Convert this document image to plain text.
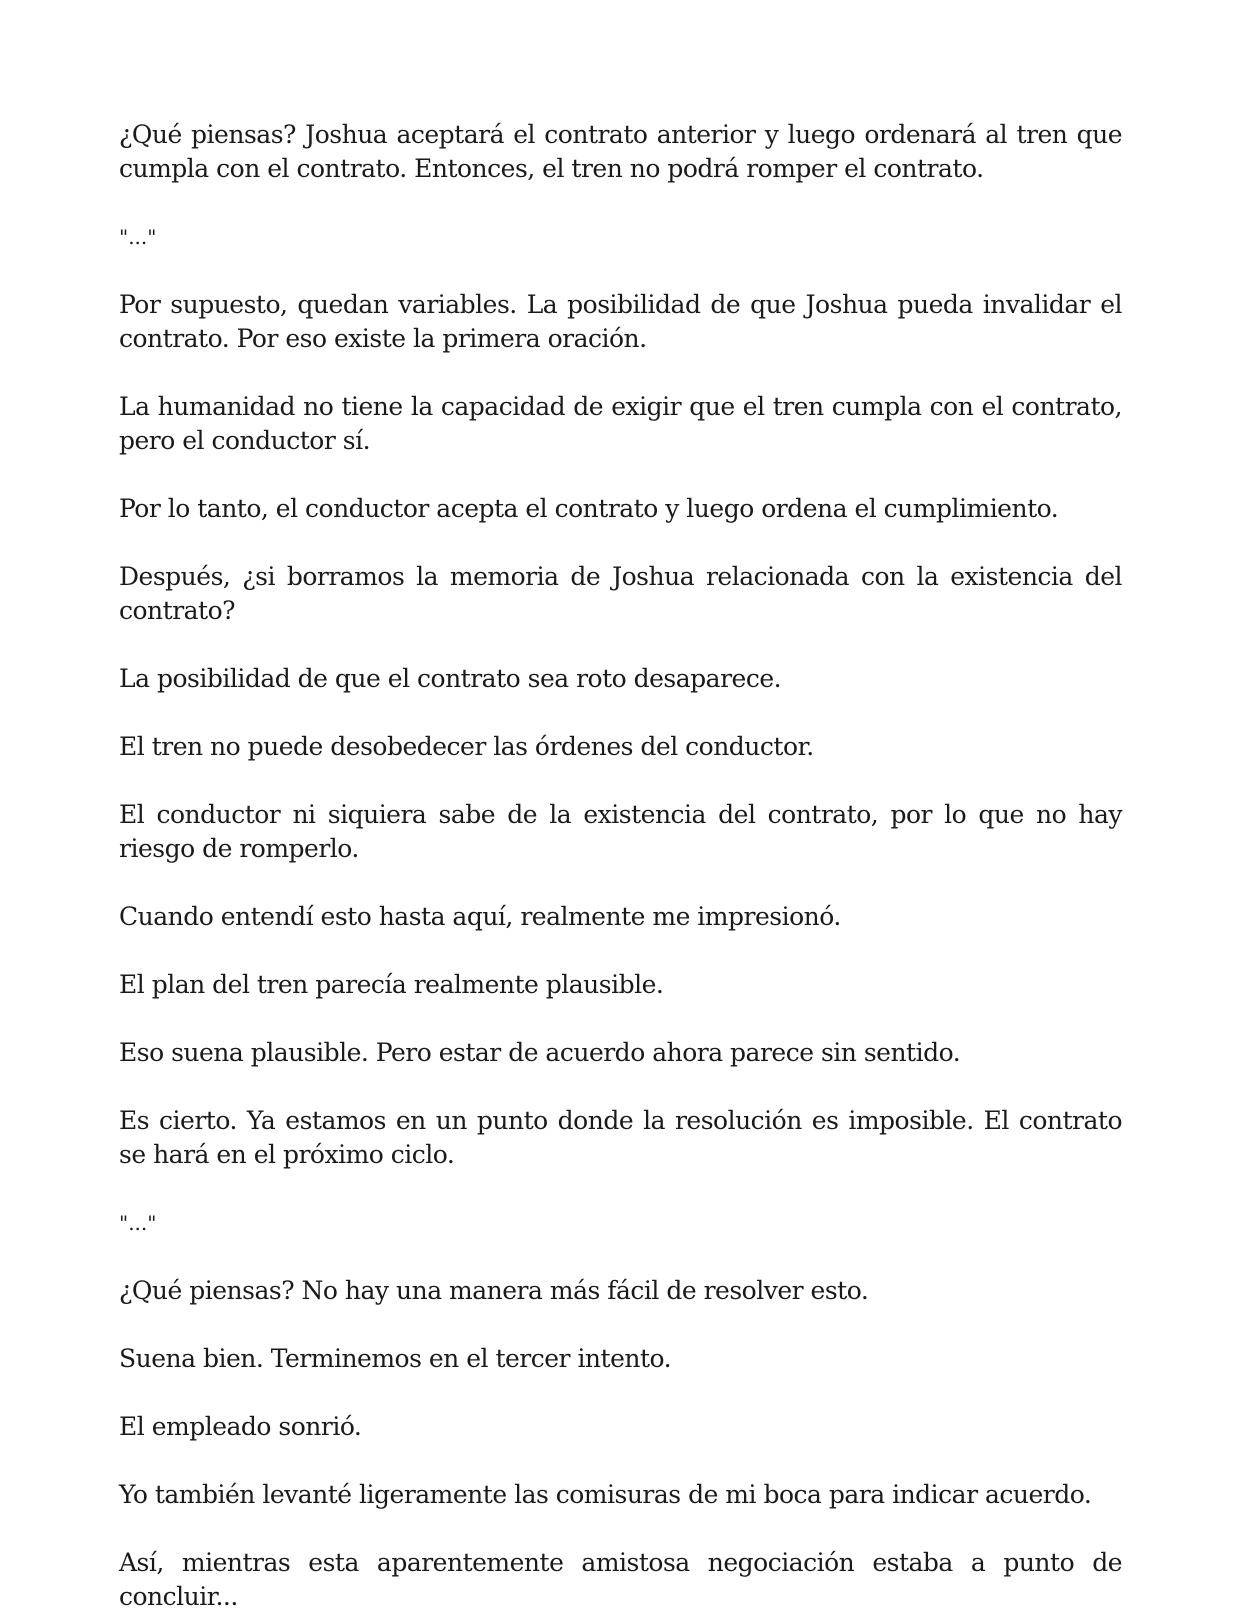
¿Qué piensas? Joshua aceptará el contrato anterior y luego ordenará al tren que cumpla con el contrato. Entonces, el tren no podrá romper el contrato.

"..."

Por supuesto, quedan variables. La posibilidad de que Joshua pueda invalidar el contrato. Por eso existe la primera oración.

La humanidad no tiene la capacidad de exigir que el tren cumpla con el contrato, pero el conductor sí.

Por lo tanto, el conductor acepta el contrato y luego ordena el cumplimiento.

Después, ¿si borramos la memoria de Joshua relacionada con la existencia del contrato?

La posibilidad de que el contrato sea roto desaparece.

El tren no puede desobedecer las órdenes del conductor.

El conductor ni siquiera sabe de la existencia del contrato, por lo que no hay riesgo de romperlo.

Cuando entendí esto hasta aquí, realmente me impresionó.

El plan del tren parecía realmente plausible.

Eso suena plausible. Pero estar de acuerdo ahora parece sin sentido.

Es cierto. Ya estamos en un punto donde la resolución es imposible. El contrato se hará en el próximo ciclo.

"..."

¿Qué piensas? No hay una manera más fácil de resolver esto.

Suena bien. Terminemos en el tercer intento.

El empleado sonrió.

Yo también levanté ligeramente las comisuras de mi boca para indicar acuerdo.

Así, mientras esta aparentemente amistosa negociación estaba a punto de concluir...
